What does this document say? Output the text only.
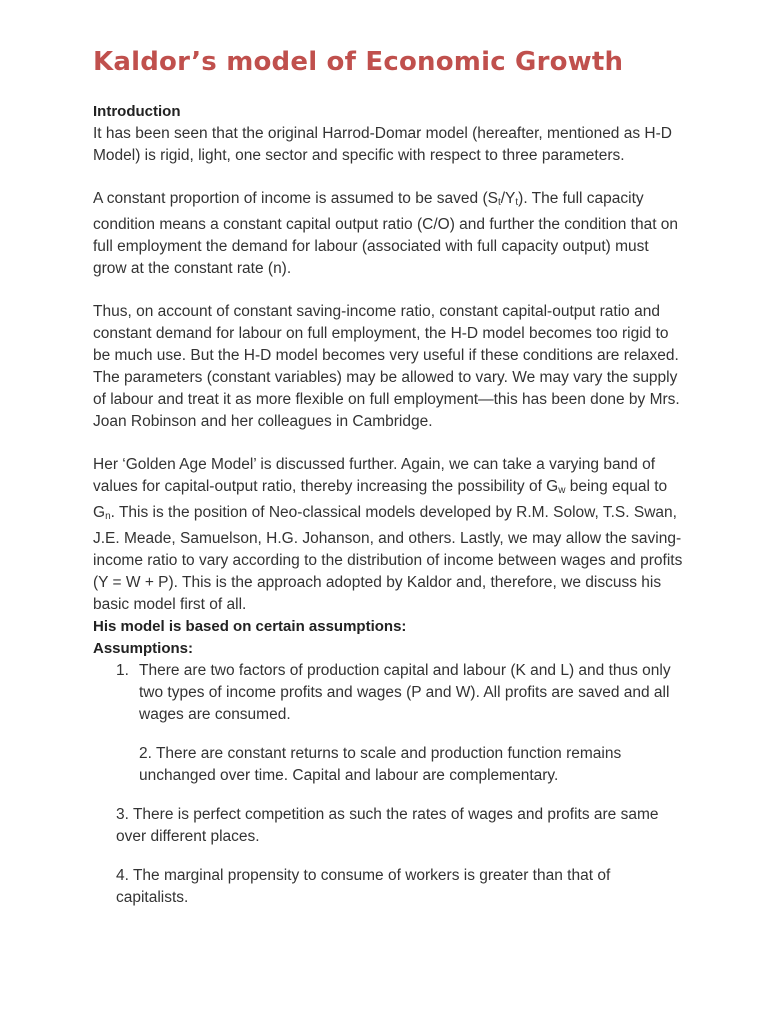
Kaldor’s model of Economic Growth
Introduction

It has been seen that the original Harrod-Domar model (hereafter, mentioned as H-D Model) is rigid, light, one sector and specific with respect to three parameters.

A constant proportion of income is assumed to be saved $(S_t/Y_t)$. The full capacity condition means a constant capital output ratio (C/O) and further the condition that on full employment the demand for labour (associated with full capacity output) must grow at the constant rate (n).

Thus, on account of constant saving-income ratio, constant capital-output ratio and constant demand for labour on full employment, the H-D model becomes too rigid to be much use. But the H-D model becomes very useful if these conditions are relaxed. The parameters (constant variables) may be allowed to vary. We may vary the supply of labour and treat it as more flexible on full employment—this has been done by Mrs. Joan Robinson and her colleagues in Cambridge.

Her ‘Golden Age Model’ is discussed further. Again, we can take a varying band of values for capital-output ratio, thereby increasing the possibility of $G_w$ being equal to $G_n$. This is the position of Neo-classical models developed by R.M. Solow, T.S. Swan, J.E. Meade, Samuelson, H.G. Johanson, and others. Lastly, we may allow the saving-income ratio to vary according to the distribution of income between wages and profits (Y = W + P). This is the approach adopted by Kaldor and, therefore, we discuss his basic model first of all.

His model is based on certain assumptions:
Assumptions:
1. There are two factors of production capital and labour (K and L) and thus only two types of income profits and wages (P and W). All profits are saved and all wages are consumed.
2. There are constant returns to scale and production function remains unchanged over time. Capital and labour are complementary.
3. There is perfect competition as such the rates of wages and profits are same over different places.
4. The marginal propensity to consume of workers is greater than that of capitalists.
